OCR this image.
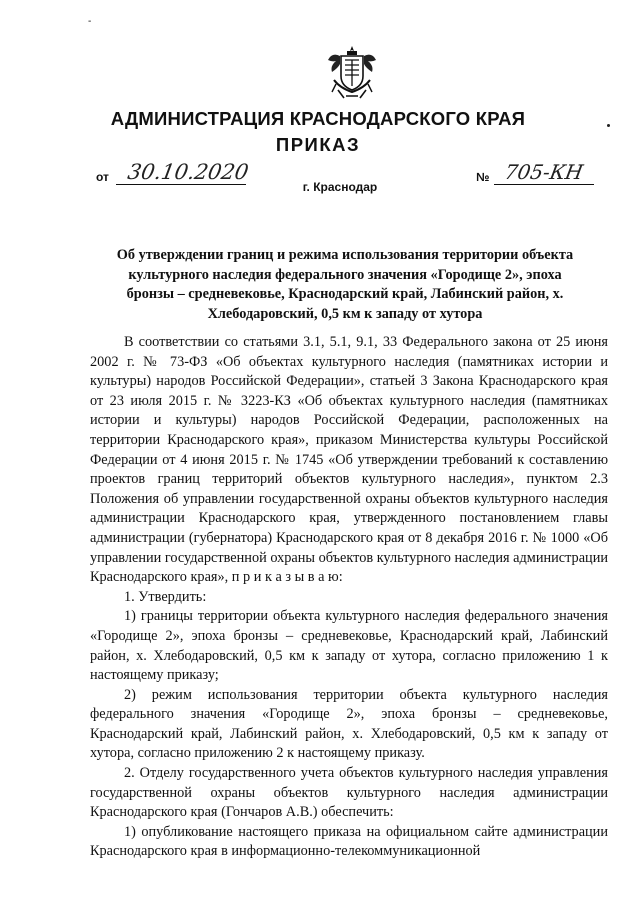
-
АДМИНИСТРАЦИЯ КРАСНОДАРСКОГО КРАЯ
ПРИКАЗ
от 30.10.2020
г. Краснодар
№ 705-КН
Об утверждении границ и режима использования территории объекта культурного наследия федерального значения «Городище 2», эпоха бронзы – средневековье, Краснодарский край, Лабинский район, х. Хлебодаровский, 0,5 км к западу от хутора

В соответствии со статьями 3.1, 5.1, 9.1, 33 Федерального закона от 25 июня 2002 г. № 73-ФЗ «Об объектах культурного наследия (памятниках истории и культуры) народов Российской Федерации», статьей 3 Закона Краснодарского края от 23 июля 2015 г. № 3223-КЗ «Об объектах культурного наследия (памятниках истории и культуры) народов Российской Федерации, расположенных на территории Краснодарского края», приказом Министерства культуры Российской Федерации от 4 июня 2015 г. № 1745 «Об утверждении требований к составлению проектов границ территорий объектов культурного наследия», пунктом 2.3 Положения об управлении государственной охраны объектов культурного наследия администрации Краснодарского края, утвержденного постановлением главы администрации (губернатора) Краснодарского края от 8 декабря 2016 г. № 1000 «Об управлении государственной охраны объектов культурного наследия администрации Краснодарского края», п р и к а з ы в а ю:

1. Утвердить:

1) границы территории объекта культурного наследия федерального значения «Городище 2», эпоха бронзы – средневековье, Краснодарский край, Лабинский район, х. Хлебодаровский, 0,5 км к западу от хутора, согласно приложению 1 к настоящему приказу;

2) режим использования территории объекта культурного наследия федерального значения «Городище 2», эпоха бронзы – средневековье, Краснодарский край, Лабинский район, х. Хлебодаровский, 0,5 км к западу от хутора, согласно приложению 2 к настоящему приказу.

2. Отделу государственного учета объектов культурного наследия управления государственной охраны объектов культурного наследия администрации Краснодарского края (Гончаров А.В.) обеспечить:

1) опубликование настоящего приказа на официальном сайте администрации Краснодарского края в информационно-телекоммуникационной
